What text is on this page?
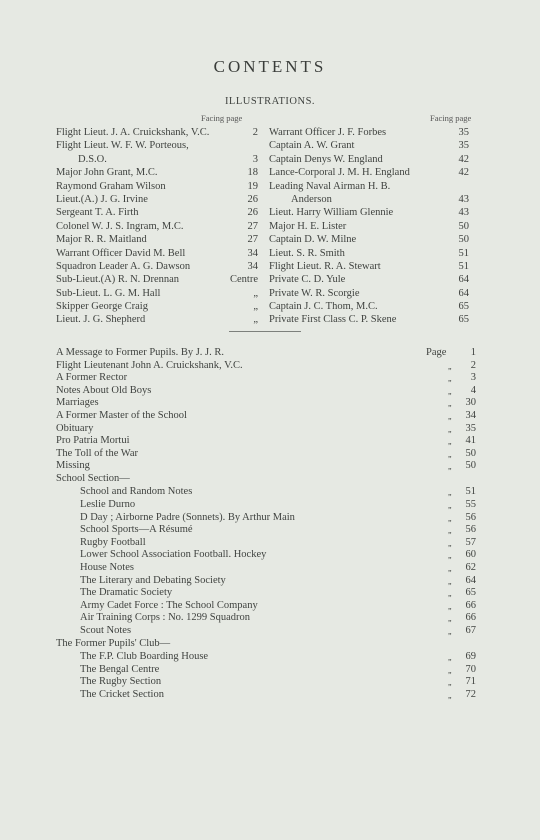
CONTENTS
ILLUSTRATIONS.
Facing page	Facing page
Flight Lieut. J. A. Cruickshank, V.C.	2
Flight Lieut. W. F. W. Porteous,
D.S.O.	3
Major John Grant, M.C.	18
Raymond Graham Wilson	19
Lieut.(A.) J. G. Irvine	26
Sergeant T. A. Firth	26
Colonel W. J. S. Ingram, M.C.	27
Major R. R. Maitland	27
Warrant Officer David M. Bell	34
Squadron Leader A. G. Dawson	34
Sub-Lieut.(A) R. N. Drennan	Centre
Sub-Lieut. L. G. M. Hall	„
Skipper George Craig	„
Lieut. J. G. Shepherd	„
Warrant Officer J. F. Forbes	35
Captain A. W. Grant	35
Captain Denys W. England	42
Lance-Corporal J. M. H. England	42
Leading Naval Airman H. B.
Anderson	43
Lieut. Harry William Glennie	43
Major H. E. Lister	50
Captain D. W. Milne	50
Lieut. S. R. Smith	51
Flight Lieut. R. A. Stewart	51
Private C. D. Yule	64
Private W. R. Scorgie	64
Captain J. C. Thom, M.C.	65
Private First Class C. P. Skene	65
A Message to Former Pupils. By J. J. R.	Page	1
Flight Lieutenant John A. Cruickshank, V.C.	„	2
A Former Rector	„	3
Notes About Old Boys	„	4
Marriages	„	30
A Former Master of the School	„	34
Obituary	„	35
Pro Patria Mortui	„	41
The Toll of the War	„	50
Missing	„	50
School Section—
School and Random Notes	„	51
Leslie Durno	„	55
D Day ; Airborne Padre (Sonnets). By Arthur Main	„	56
School Sports—A Résumé	„	56
Rugby Football	„	57
Lower School Association Football. Hockey	„	60
House Notes	„	62
The Literary and Debating Society	„	64
The Dramatic Society	„	65
Army Cadet Force : The School Company	„	66
Air Training Corps : No. 1299 Squadron	„	66
Scout Notes	„	67
The Former Pupils' Club—
The F.P. Club Boarding House	„	69
The Bengal Centre	„	70
The Rugby Section	„	71
The Cricket Section	„	72
